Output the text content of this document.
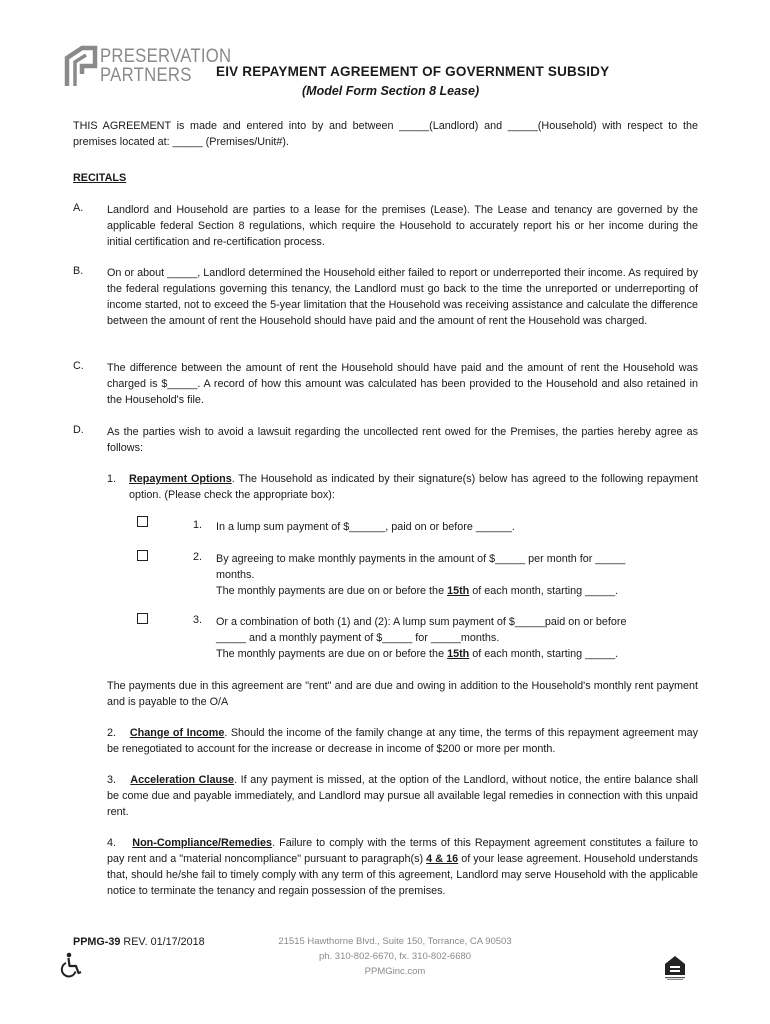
PRESERVATION
PARTNERS EIV REPAYMENT AGREEMENT OF GOVERNMENT SUBSIDY
(Model Form Section 8 Lease)
THIS AGREEMENT is made and entered into by and between _____(Landlord) and _____(Household) with respect to the premises located at: _____ (Premises/Unit#).
RECITALS
A. Landlord and Household are parties to a lease for the premises (Lease). The Lease and tenancy are governed by the applicable federal Section 8 regulations, which require the Household to accurately report his or her income during the initial certification and re-certification process.
B. On or about _____, Landlord determined the Household either failed to report or underreported their income. As required by the federal regulations governing this tenancy, the Landlord must go back to the time the unreported or underreporting of income started, not to exceed the 5-year limitation that the Household was receiving assistance and calculate the difference between the amount of rent the Household should have paid and the amount of rent the Household was charged.
C. The difference between the amount of rent the Household should have paid and the amount of rent the Household was charged is $_____. A record of how this amount was calculated has been provided to the Household and also retained in the Household's file.
D. As the parties wish to avoid a lawsuit regarding the uncollected rent owed for the Premises, the parties hereby agree as follows:
1.	Repayment Options. The Household as indicated by their signature(s) below has agreed to the following repayment option. (Please check the appropriate box):
1. In a lump sum payment of $______, paid on or before ______.
2. By agreeing to make monthly payments in the amount of $_____ per month for _____ months.
The monthly payments are due on or before the 15th of each month, starting _____.
3. Or a combination of both (1) and (2): A lump sum payment of $_____paid on or before _____ and a monthly payment of $_____ for _____months.
The monthly payments are due on or before the 15th of each month, starting _____.
The payments due in this agreement are "rent" and are due and owing in addition to the Household's monthly rent payment and is payable to the O/A
2. Change of Income. Should the income of the family change at any time, the terms of this repayment agreement may be renegotiated to account for the increase or decrease in income of $200 or more per month.
3. Acceleration Clause. If any payment is missed, at the option of the Landlord, without notice, the entire balance shall be come due and payable immediately, and Landlord may pursue all available legal remedies in connection with this unpaid rent.
4. Non-Compliance/Remedies. Failure to comply with the terms of this Repayment agreement constitutes a failure to pay rent and a "material noncompliance" pursuant to paragraph(s) 4 & 16 of your lease agreement. Household understands that, should he/she fail to timely comply with any term of this agreement, Landlord may serve Household with the applicable notice to terminate the tenancy and regain possession of the premises.
PPMG-39 REV. 01/17/2018	21515 Hawthorne Blvd., Suite 150, Torrance, CA 90503
ph. 310-802-6670, fx. 310-802-6680
PPMGinc.com
